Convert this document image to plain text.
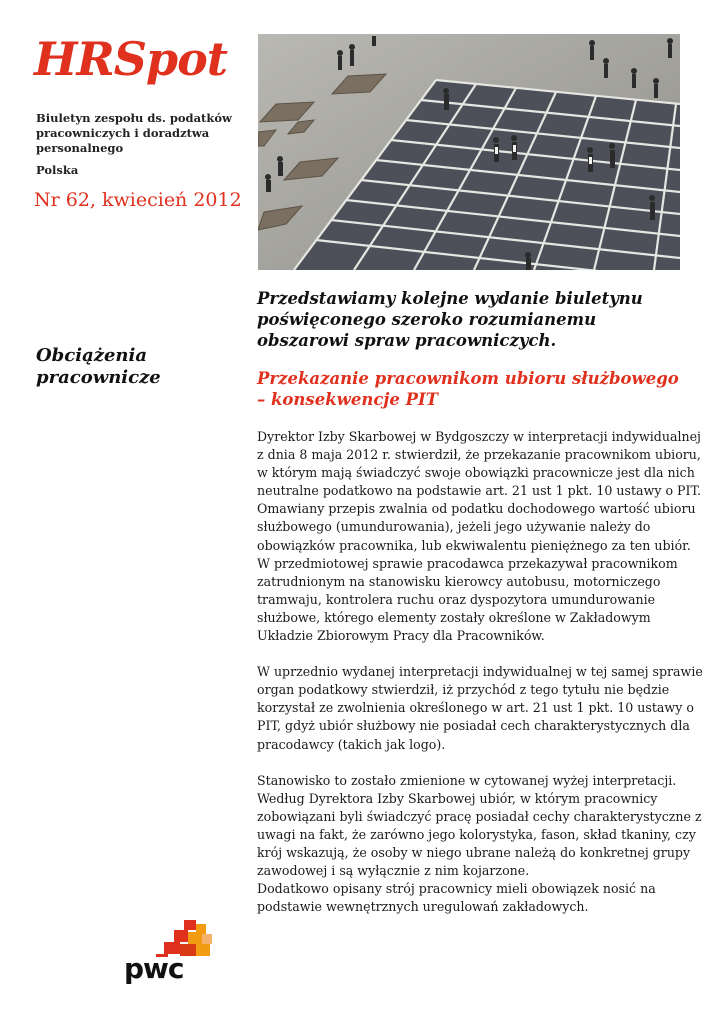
HRSpot
Biuletyn zespołu ds. podatków pracowniczych i doradztwa personalnego
Polska
Nr 62, kwiecień 2012
Obciążenia pracownicze
Przedstawiamy kolejne wydanie biuletynu poświęconego szeroko rozumianemu obszarowi spraw pracowniczych.
Przekazanie pracownikom ubioru służbowego – konsekwencje PIT

Dyrektor Izby Skarbowej w Bydgoszczy w interpretacji indywidualnej
z dnia 8 maja 2012 r. stwierdził, że przekazanie pracownikom ubioru,
w którym mają świadczyć swoje obowiązki pracownicze jest dla nich
neutralne podatkowo na podstawie art. 21 ust 1 pkt. 10 ustawy o PIT.
Omawiany przepis zwalnia od podatku dochodowego wartość ubioru
służbowego (umundurowania), jeżeli jego używanie należy do
obowiązków pracownika, lub ekwiwalentu pieniężnego za ten ubiór.
W przedmiotowej sprawie pracodawca przekazywał pracownikom
zatrudnionym na stanowisku kierowcy autobusu, motorniczego
tramwaju, kontrolera ruchu oraz dyspozytora umundurowanie
służbowe, którego elementy zostały określone w Zakładowym
Układzie Zbiorowym Pracy dla Pracowników.

W uprzednio wydanej interpretacji indywidualnej w tej samej sprawie
organ podatkowy stwierdził, iż przychód z tego tytułu nie będzie
korzystał ze zwolnienia określonego w art. 21 ust 1 pkt. 10 ustawy o
PIT, gdyż ubiór służbowy nie posiadał cech charakterystycznych dla
pracodawcy (takich jak logo).

Stanowisko to zostało zmienione w cytowanej wyżej interpretacji.
Według Dyrektora Izby Skarbowej ubiór, w którym pracownicy
zobowiązani byli świadczyć pracę posiadał cechy charakterystyczne z
uwagi na fakt, że zarówno jego kolorystyka, fason, skład tkaniny, czy
krój wskazują, że osoby w niego ubrane należą do konkretnej grupy
zawodowej i są wyłącznie z nim kojarzone.
Dodatkowo opisany strój pracownicy mieli obowiązek nosić na
podstawie wewnętrznych uregulowań zakładowych.

pwc
